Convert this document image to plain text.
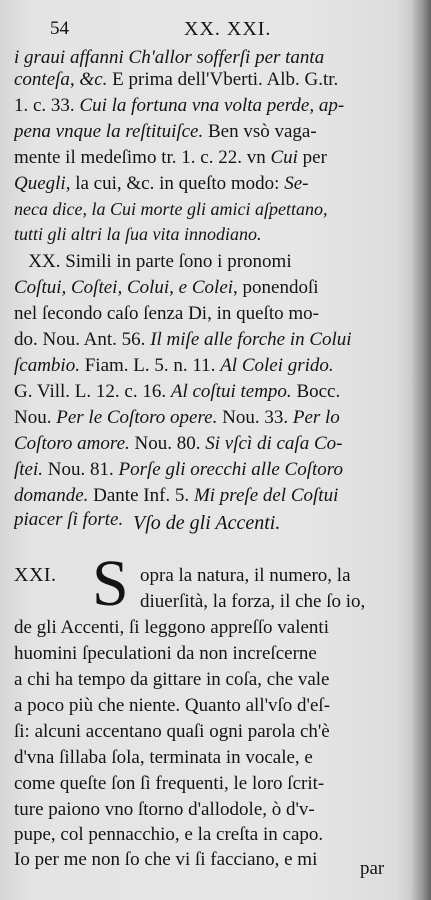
54	XX. XXI.
i graui affanni Ch'allor sofferſi per tanta
conteſa, &c. E prima dell'Vberti. Alb. G.tr.
1. c. 33. Cui la fortuna vna volta perde, ap-
pena vnque la reſtituiſce. Ben vsò vaga-
mente il medeſimo tr. 1. c. 22. vn Cui per
Quegli, la cui, &c. in queſto modo: Se-
neca dice, la Cui morte gli amici aſpettano,
tutti gli altri la ſua vita innodiano.
XX. Simili in parte ſono i pronomi
Coſtui, Coſtei, Colui, e Colei, ponendoſi
nel ſecondo caſo ſenza Di, in queſto mo-
do. Nou. Ant. 56. Il miſe alle forche in Colui
ſcambio. Fiam. L. 5. n. 11. Al Colei grido.
G. Vill. L. 12. c. 16. Al coſtui tempo. Bocc.
Nou. Per le Coſtoro opere. Nou. 33. Per lo
Coſtoro amore. Nou. 80. Si vſcì di caſa Co-
ſtei. Nou. 81. Porſe gli orecchi alle Coſtoro
domande. Dante Inf. 5. Mi preſe del Coſtui
piacer ſi forte. Vſo de gli Accenti.
XXI. S opra la natura, il numero, la
diuerſità, la forza, il che ſo io,
de gli Accenti, ſi leggono appreſſo valenti
huomini ſpeculationi da non increſcerne
a chi ha tempo da gittare in coſa, che vale
a poco più che niente. Quanto all'vſo d'eſ-
ſi: alcuni accentano quaſi ogni parola ch'è
d'vna ſillaba ſola, terminata in vocale, e
come queſte ſon ſì frequenti, le loro ſcrit-
ture paiono vno ſtorno d'allodole, ò d'v-
pupe, col pennacchio, e la creſta in capo.
Io per me non ſo che vi ſi facciano, e mi	par
